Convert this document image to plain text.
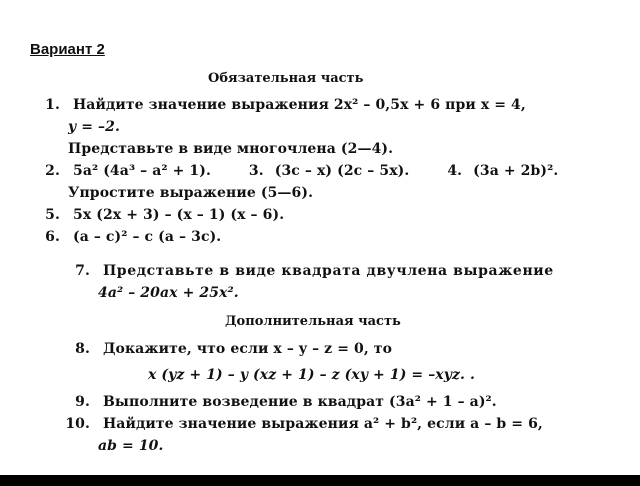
Вариант 2
Обязательная часть
1. Найдите значение выражения 2x² – 0,5x + 6 при x = 4,
y = –2.
Представьте в виде многочлена (2—4).
2. 5a² (4a³ – a² + 1).	3. (3c – x) (2c – 5x).	4. (3a + 2b)².
Упростите выражение (5—6).
5. 5x (2x + 3) – (x – 1) (x – 6).
6. (a – c)² – c (a – 3c).
7. Представьте в виде квадрата двучлена выражение
4a² – 20ax + 25x².
Дополнительная часть
8. Докажите, что если x – y – z = 0, то
x (yz + 1) – y (xz + 1) – z (xy + 1) = –xyz. .
9. Выполните возведение в квадрат (3a² + 1 – a)².
10. Найдите значение выражения a² + b², если a – b = 6,
ab = 10.
